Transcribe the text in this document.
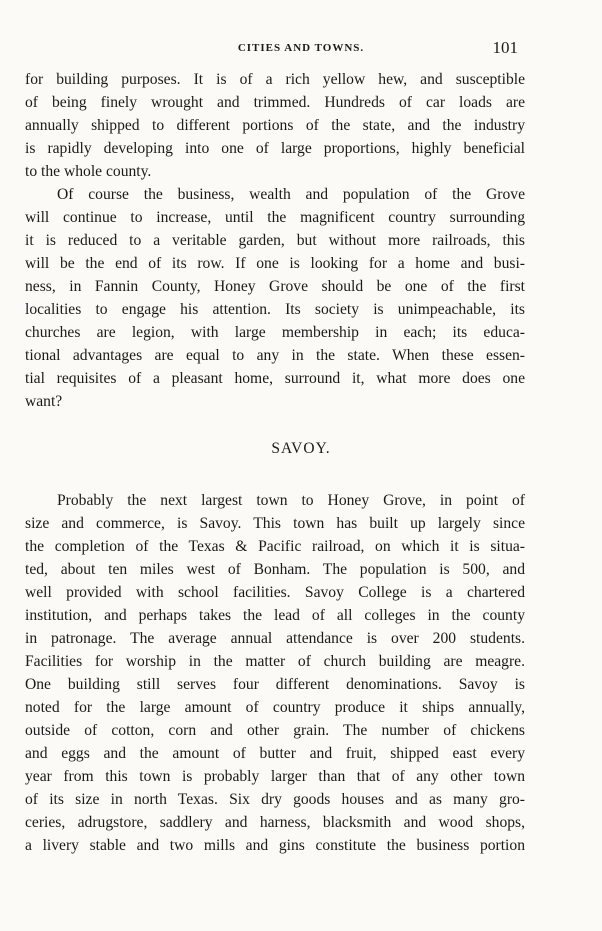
CITIES AND TOWNS.	101
for building purposes. It is of a rich yellow hew, and susceptible
of being finely wrought and trimmed. Hundreds of car loads are
annually shipped to different portions of the state, and the industry
is rapidly developing into one of large proportions, highly beneficial
to the whole county.
Of course the business, wealth and population of the Grove
will continue to increase, until the magnificent country surrounding
it is reduced to a veritable garden, but without more railroads, this
will be the end of its row. If one is looking for a home and busi-
ness, in Fannin County, Honey Grove should be one of the first
localities to engage his attention. Its society is unimpeachable, its
churches are legion, with large membership in each; its educa-
tional advantages are equal to any in the state. When these essen-
tial requisites of a pleasant home, surround it, what more does one
want?
SAVOY.
Probably the next largest town to Honey Grove, in point of
size and commerce, is Savoy. This town has built up largely since
the completion of the Texas & Pacific railroad, on which it is situa-
ted, about ten miles west of Bonham. The population is 500, and
well provided with school facilities. Savoy College is a chartered
institution, and perhaps takes the lead of all colleges in the county
in patronage. The average annual attendance is over 200 students.
Facilities for worship in the matter of church building are meagre.
One building still serves four different denominations. Savoy is
noted for the large amount of country produce it ships annually,
outside of cotton, corn and other grain. The number of chickens
and eggs and the amount of butter and fruit, shipped east every
year from this town is probably larger than that of any other town
of its size in north Texas. Six dry goods houses and as many gro-
ceries, adrugstore, saddlery and harness, blacksmith and wood shops,
a livery stable and two mills and gins constitute the business portion
